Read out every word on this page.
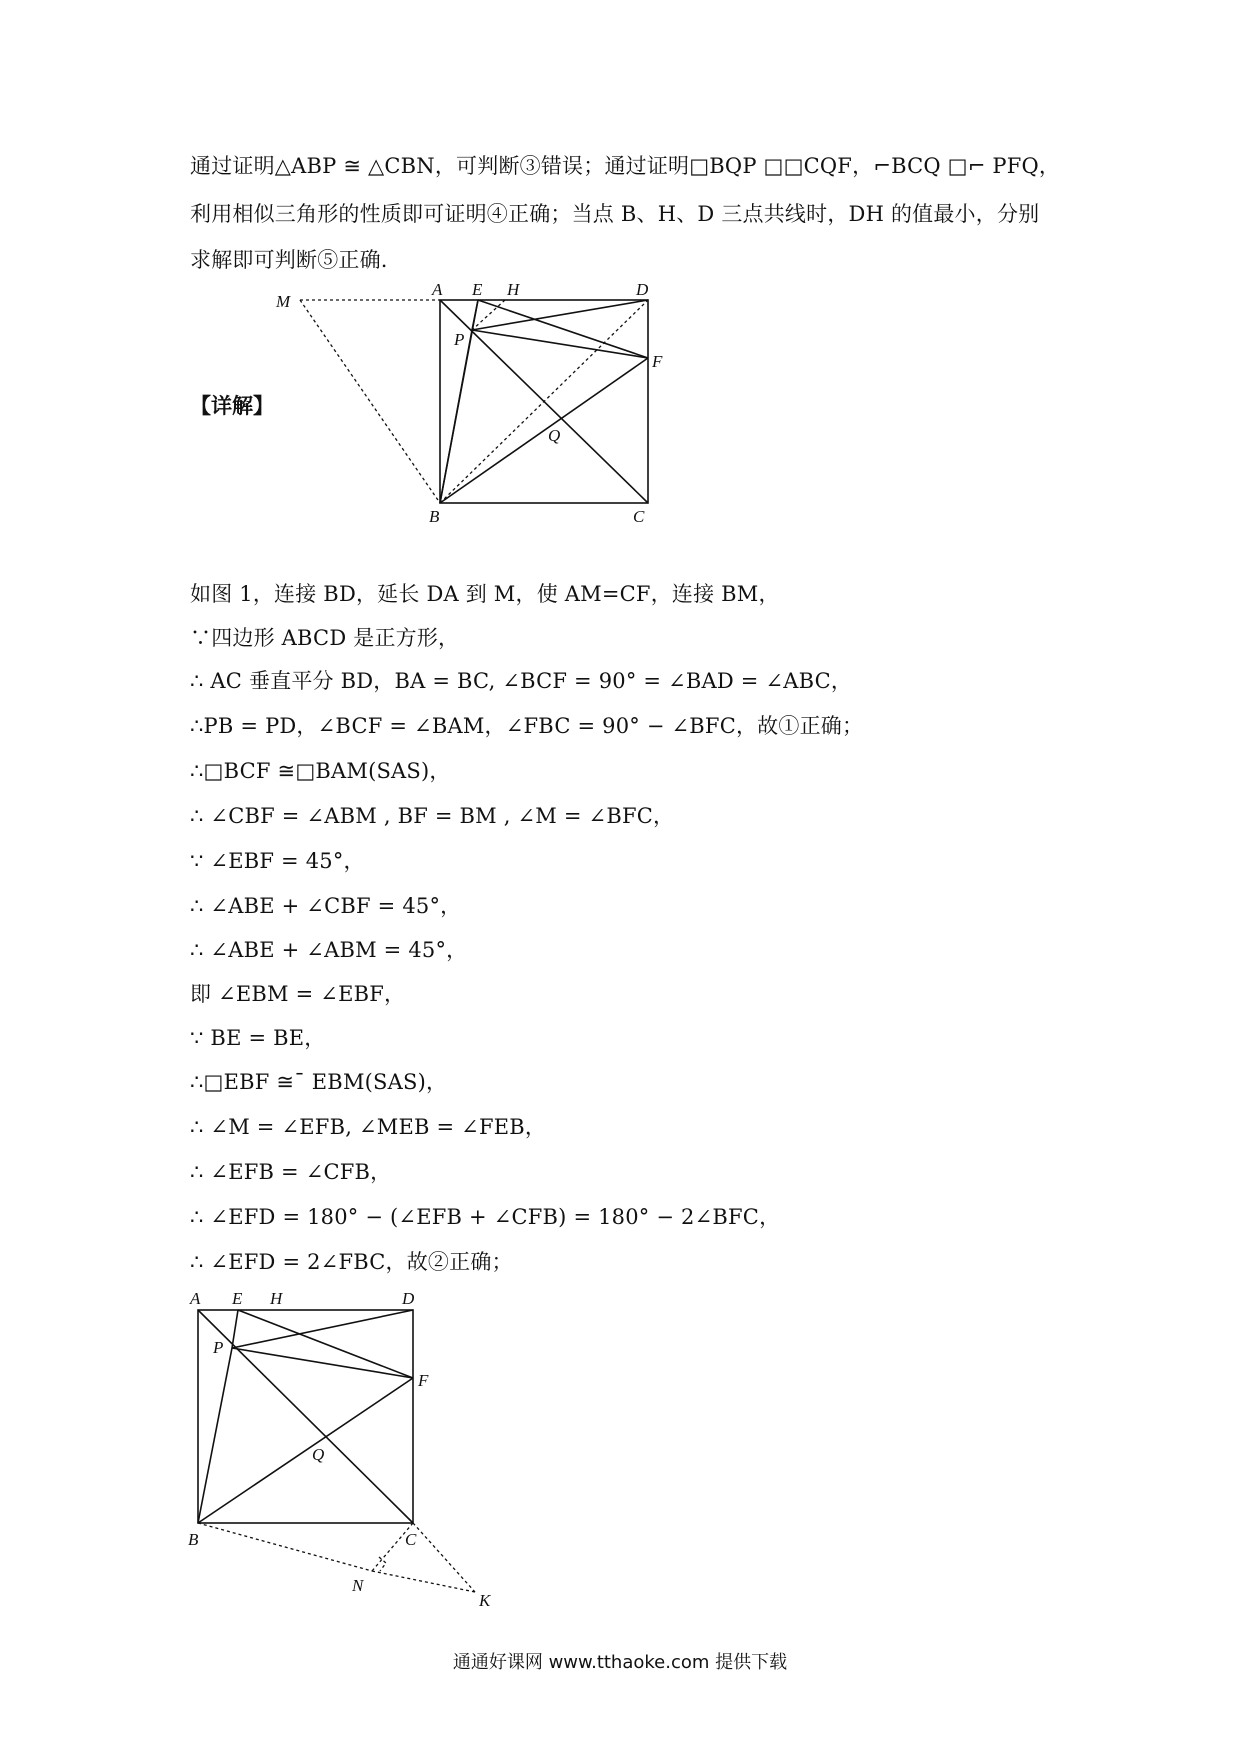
通过证明△ABP ≅ △CBN，可判断③错误；通过证明□BQP □□CQF，⌐BCQ □⌐ PFQ，
利用相似三角形的性质即可证明④正确；当点 B、H、D 三点共线时，DH 的值最小，分别
求解即可判断⑤正确.
【详解】
M
A E H	D
P
F
Q
B	C
如图 1，连接 BD，延长 DA 到 M，使 AM=CF，连接 BM，
∵四边形 ABCD 是正方形，
∴ AC 垂直平分 BD，BA = BC, ∠BCF = 90° = ∠BAD = ∠ABC，
∴PB = PD，∠BCF = ∠BAM，∠FBC = 90° − ∠BFC，故①正确；
∴□BCF ≅□BAM(SAS)，
∴ ∠CBF = ∠ABM , BF = BM , ∠M = ∠BFC，
∵ ∠EBF = 45°，
∴ ∠ABE + ∠CBF = 45°，
∴ ∠ABE + ∠ABM = 45°，
即 ∠EBM = ∠EBF，
∵ BE = BE，
∴□EBF ≅¯ EBM(SAS)，
∴ ∠M = ∠EFB, ∠MEB = ∠FEB，
∴ ∠EFB = ∠CFB，
∴ ∠EFD = 180° − (∠EFB + ∠CFB) = 180° − 2∠BFC，
∴ ∠EFD = 2∠FBC，故②正确；
A E H	D
P
F
Q
B	C
N
K
通通好课网 www.tthaoke.com 提供下载
